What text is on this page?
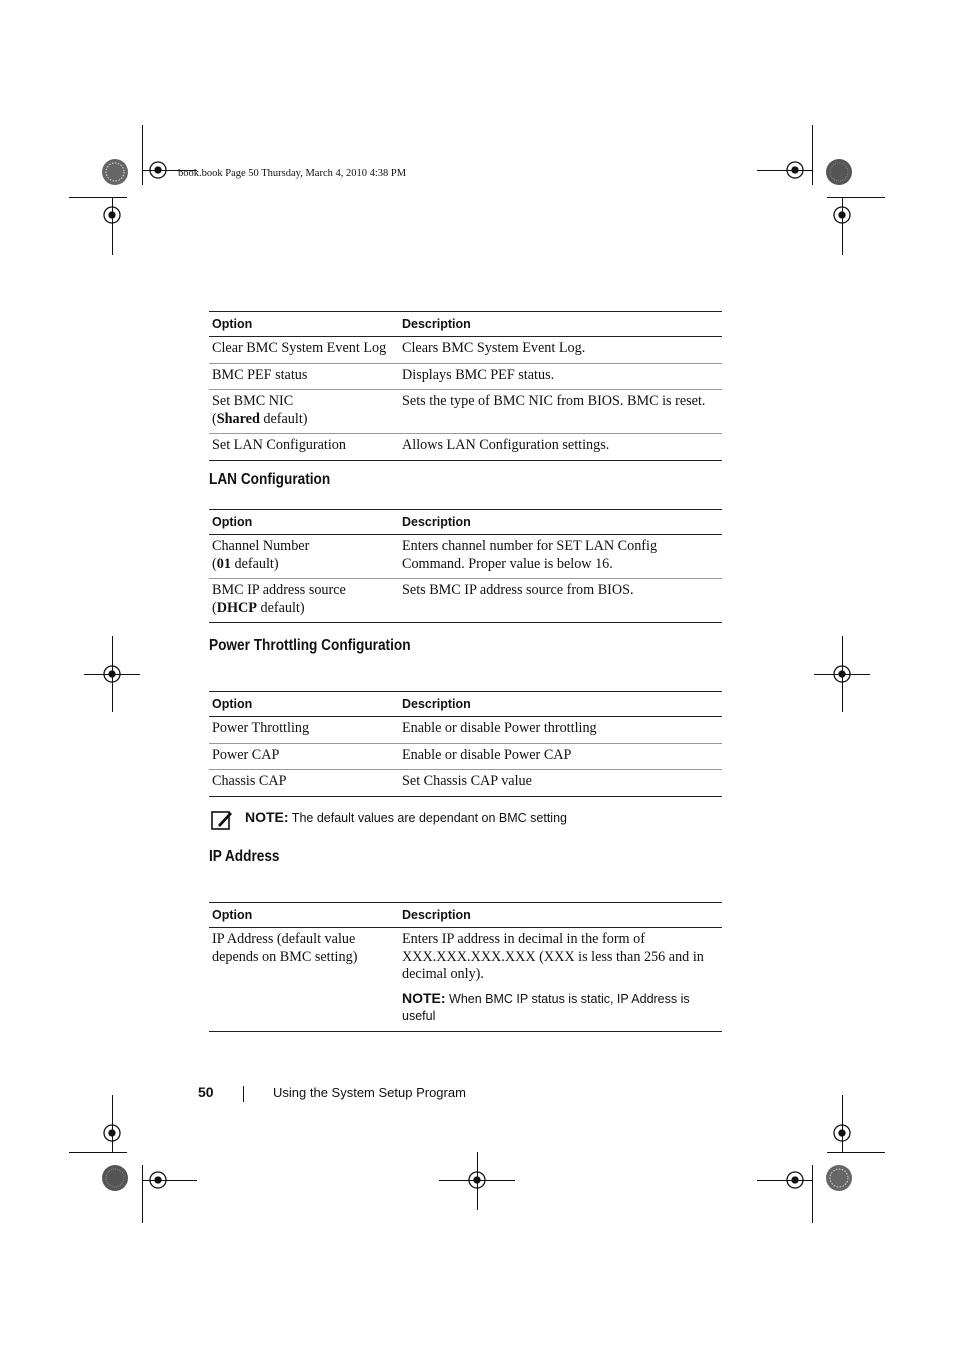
book.book Page 50 Thursday, March 4, 2010 4:38 PM
Option	Description
Clear BMC System Event Log	Clears BMC System Event Log.
BMC PEF status	Displays BMC PEF status.

Set BMC NIC
(Shared default)	Sets the type of BMC NIC from BIOS. BMC is reset.
Set LAN Configuration	Allows LAN Configuration settings.
LAN Configuration
Option	Description

Channel Number
(01 default)	Enters channel number for SET LAN Config Command. Proper value is below 16.

BMC IP address source
(DHCP default)	Sets BMC IP address source from BIOS.
Power Throttling Configuration
Option	Description
Power Throttling	Enable or disable Power throttling
Power CAP	Enable or disable Power CAP
Chassis CAP	Set Chassis CAP value
NOTE: The default values are dependant on BMC setting
IP Address
Option	Description
IP Address (default value depends on BMC setting)	Enters IP address in decimal in the form of XXX.XXX.XXX.XXX (XXX is less than 256 and in decimal only).
NOTE: When BMC IP status is static, IP Address is useful
50	Using the System Setup Program
